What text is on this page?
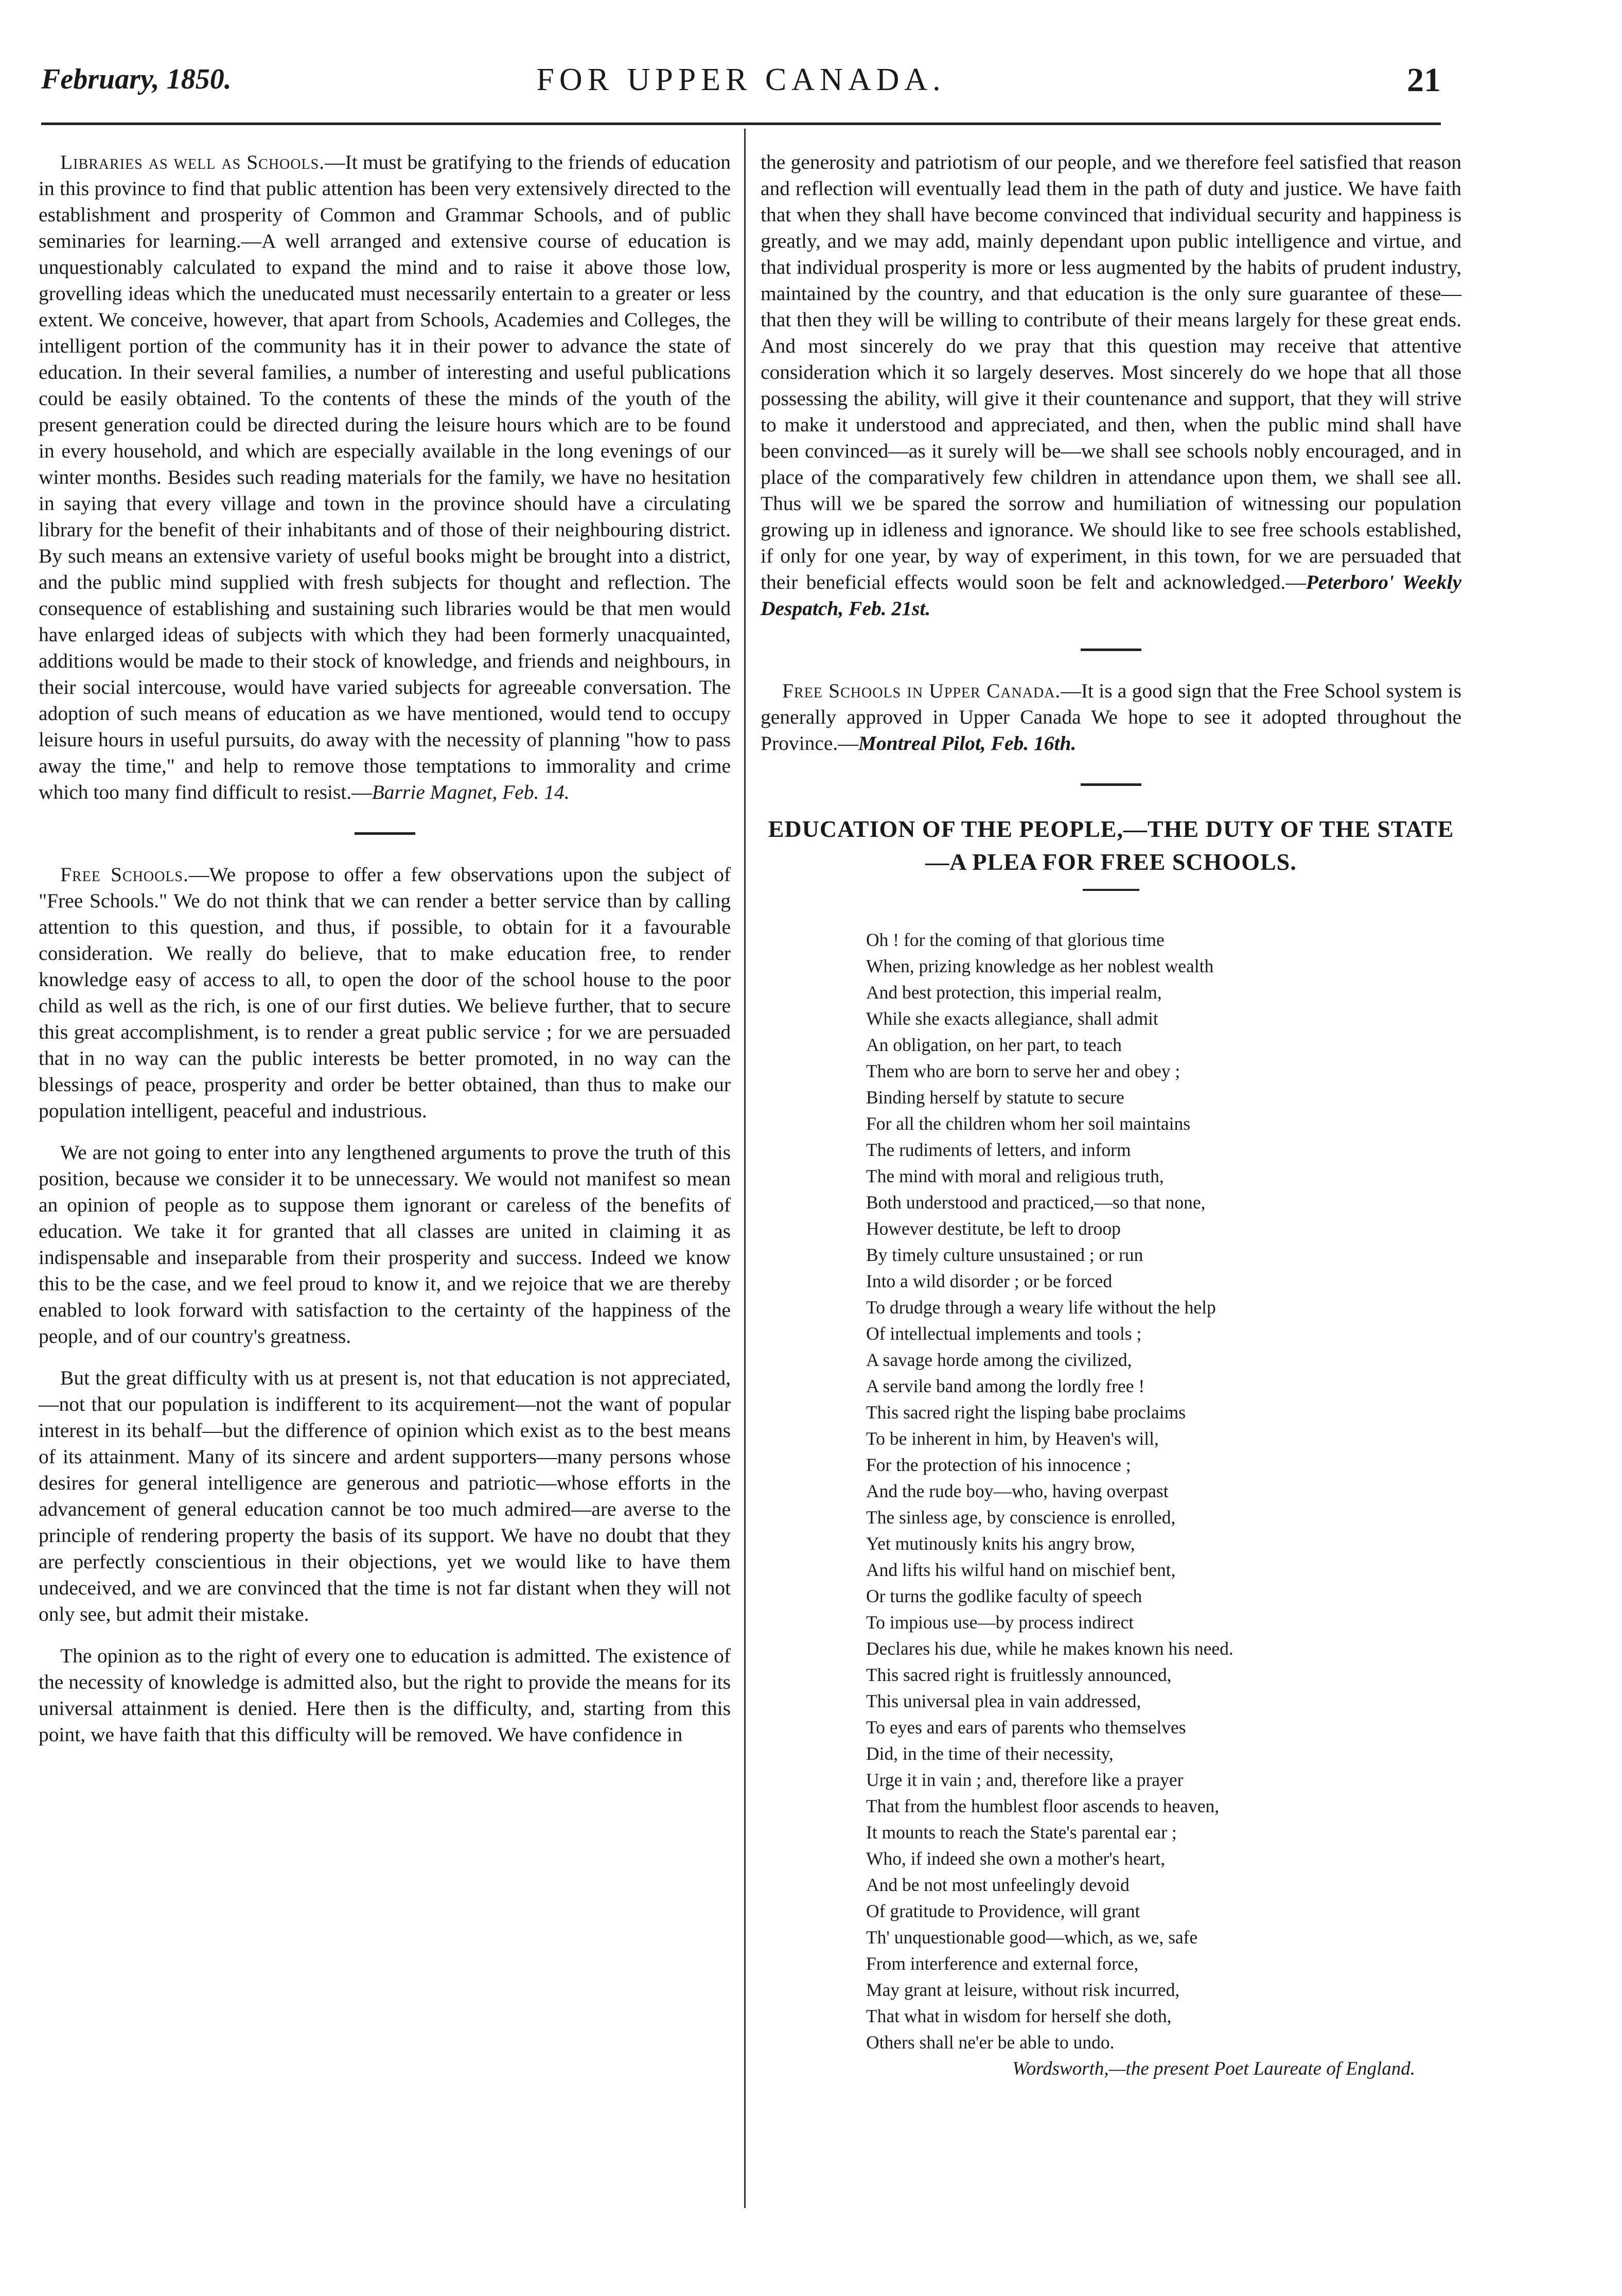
February, 1850.	FOR UPPER CANADA.	21

Libraries as well as Schools.—It must be gratifying to the friends of education in this province to find that public attention has been very extensively directed to the establishment and prosperity of Common and Grammar Schools, and of public seminaries for learning.—A well arranged and extensive course of education is unquestionably calculated to expand the mind and to raise it above those low, grovelling ideas which the uneducated must necessarily entertain to a greater or less extent. We conceive, however, that apart from Schools, Academies and Colleges, the intelligent portion of the community has it in their power to advance the state of education. In their several families, a number of interesting and useful publications could be easily obtained. To the contents of these the minds of the youth of the present generation could be directed during the leisure hours which are to be found in every household, and which are especially available in the long evenings of our winter months. Besides such reading materials for the family, we have no hesitation in saying that every village and town in the province should have a circulating library for the benefit of their inhabitants and of those of their neighbouring district. By such means an extensive variety of useful books might be brought into a district, and the public mind supplied with fresh subjects for thought and reflection. The consequence of establishing and sustaining such libraries would be that men would have enlarged ideas of subjects with which they had been formerly unacquainted, additions would be made to their stock of knowledge, and friends and neighbours, in their social intercouse, would have varied subjects for agreeable conversation. The adoption of such means of education as we have mentioned, would tend to occupy leisure hours in useful pursuits, do away with the necessity of planning "how to pass away the time," and help to remove those temptations to immorality and crime which too many find difficult to resist.—Barrie Magnet, Feb. 14.

Free Schools.—We propose to offer a few observations upon the subject of "Free Schools." We do not think that we can render a better service than by calling attention to this question, and thus, if possible, to obtain for it a favourable consideration. We really do believe, that to make education free, to render knowledge easy of access to all, to open the door of the school house to the poor child as well as the rich, is one of our first duties. We believe further, that to secure this great accomplishment, is to render a great public service ; for we are persuaded that in no way can the public interests be better promoted, in no way can the blessings of peace, prosperity and order be better obtained, than thus to make our population intelligent, peaceful and industrious.

We are not going to enter into any lengthened arguments to prove the truth of this position, because we consider it to be unnecessary. We would not manifest so mean an opinion of people as to suppose them ignorant or careless of the benefits of education. We take it for granted that all classes are united in claiming it as indispensable and inseparable from their prosperity and success. Indeed we know this to be the case, and we feel proud to know it, and we rejoice that we are thereby enabled to look forward with satisfaction to the certainty of the happiness of the people, and of our country's greatness.

But the great difficulty with us at present is, not that education is not appreciated,—not that our population is indifferent to its acquirement—not the want of popular interest in its behalf—but the difference of opinion which exist as to the best means of its attainment. Many of its sincere and ardent supporters—many persons whose desires for general intelligence are generous and patriotic—whose efforts in the advancement of general education cannot be too much admired—are averse to the principle of rendering property the basis of its support. We have no doubt that they are perfectly conscientious in their objections, yet we would like to have them undeceived, and we are convinced that the time is not far distant when they will not only see, but admit their mistake.

The opinion as to the right of every one to education is admitted. The existence of the necessity of knowledge is admitted also, but the right to provide the means for its universal attainment is denied. Here then is the difficulty, and, starting from this point, we have faith that this difficulty will be removed. We have confidence in

the generosity and patriotism of our people, and we therefore feel satisfied that reason and reflection will eventually lead them in the path of duty and justice. We have faith that when they shall have become convinced that individual security and happiness is greatly, and we may add, mainly dependant upon public intelligence and virtue, and that individual prosperity is more or less augmented by the habits of prudent industry, maintained by the country, and that education is the only sure guarantee of these—that then they will be willing to contribute of their means largely for these great ends. And most sincerely do we pray that this question may receive that attentive consideration which it so largely deserves. Most sincerely do we hope that all those possessing the ability, will give it their countenance and support, that they will strive to make it understood and appreciated, and then, when the public mind shall have been convinced—as it surely will be—we shall see schools nobly encouraged, and in place of the comparatively few children in attendance upon them, we shall see all. Thus will we be spared the sorrow and humiliation of witnessing our population growing up in idleness and ignorance. We should like to see free schools established, if only for one year, by way of experiment, in this town, for we are persuaded that their beneficial effects would soon be felt and acknowledged.—Peterboro' Weekly Despatch, Feb. 21st.

Free Schools in Upper Canada.—It is a good sign that the Free School system is generally approved in Upper Canada We hope to see it adopted throughout the Province.—Montreal Pilot, Feb. 16th.

EDUCATION OF THE PEOPLE,—THE DUTY OF THE STATE—A PLEA FOR FREE SCHOOLS.
Oh ! for the coming of that glorious time
When, prizing knowledge as her noblest wealth
And best protection, this imperial realm,
While she exacts allegiance, shall admit
An obligation, on her part, to teach
Them who are born to serve her and obey ;
Binding herself by statute to secure
For all the children whom her soil maintains
The rudiments of letters, and inform
The mind with moral and religious truth,
Both understood and practiced,—so that none,
However destitute, be left to droop
By timely culture unsustained ; or run
Into a wild disorder ; or be forced
To drudge through a weary life without the help
Of intellectual implements and tools ;
A savage horde among the civilized,
A servile band among the lordly free !
This sacred right the lisping babe proclaims
To be inherent in him, by Heaven's will,
For the protection of his innocence ;
And the rude boy—who, having overpast
The sinless age, by conscience is enrolled,
Yet mutinously knits his angry brow,
And lifts his wilful hand on mischief bent,
Or turns the godlike faculty of speech
To impious use—by process indirect
Declares his due, while he makes known his need.
This sacred right is fruitlessly announced,
This universal plea in vain addressed,
To eyes and ears of parents who themselves
Did, in the time of their necessity,
Urge it in vain ; and, therefore like a prayer
That from the humblest floor ascends to heaven,
It mounts to reach the State's parental ear ;
Who, if indeed she own a mother's heart,
And be not most unfeelingly devoid
Of gratitude to Providence, will grant
Th' unquestionable good—which, as we, safe
From interference and external force,
May grant at leisure, without risk incurred,
That what in wisdom for herself she doth,
Others shall ne'er be able to undo.
Wordsworth,—the present Poet Laureate of England.
